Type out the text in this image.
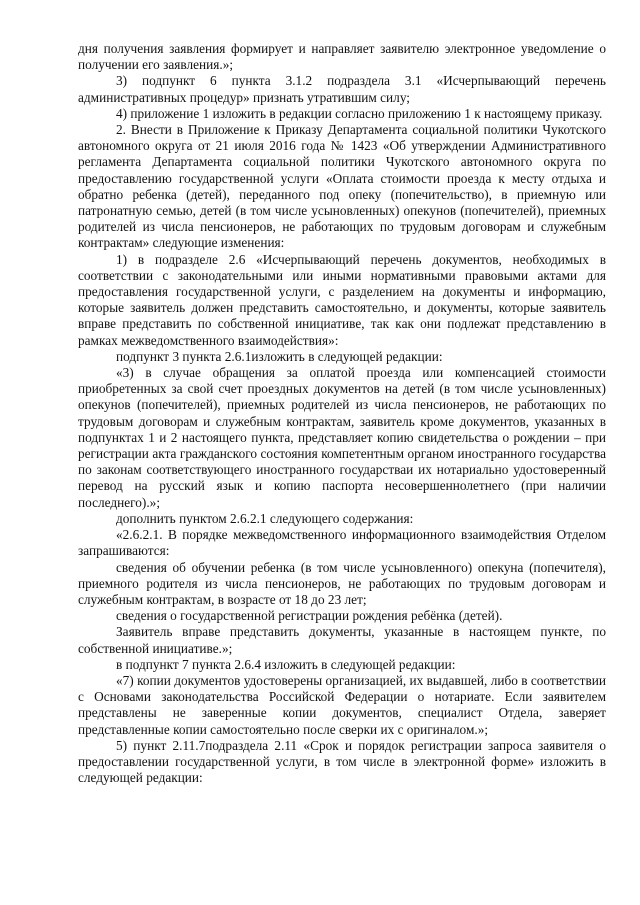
дня получения заявления формирует и направляет заявителю электронное уведомление о получении его заявления.»;

3) подпункт 6 пункта 3.1.2 подраздела 3.1 «Исчерпывающий перечень административных процедур» признать утратившим силу;

4) приложение 1 изложить в редакции согласно приложению 1 к настоящему приказу.

2. Внести в Приложение к Приказу Департамента социальной политики Чукотского автономного округа от 21 июля 2016 года № 1423 «Об утверждении Административного регламента Департамента социальной политики Чукотского автономного округа по предоставлению государственной услуги «Оплата стоимости проезда к месту отдыха и обратно ребенка (детей), переданного под опеку (попечительство), в приемную или патронатную семью, детей (в том числе усыновленных) опекунов (попечителей), приемных родителей из числа пенсионеров, не работающих по трудовым договорам и служебным контрактам» следующие изменения:

1) в подразделе 2.6 «Исчерпывающий перечень документов, необходимых в соответствии с законодательными или иными нормативными правовыми актами для предоставления государственной услуги, с разделением на документы и информацию, которые заявитель должен представить самостоятельно, и документы, которые заявитель вправе представить по собственной инициативе, так как они подлежат представлению в рамках межведомственного взаимодействия»:

подпункт 3 пункта 2.6.1изложить в следующей редакции:

«3) в случае обращения за оплатой проезда или компенсацией стоимости приобретенных за свой счет проездных документов на детей (в том числе усыновленных) опекунов (попечителей), приемных родителей из числа пенсионеров, не работающих по трудовым договорам и служебным контрактам, заявитель кроме документов, указанных в подпунктах 1 и 2 настоящего пункта, представляет копию свидетельства о рождении – при регистрации акта гражданского состояния компетентным органом иностранного государства по законам соответствующего иностранного государстваи их нотариально удостоверенный перевод на русский язык и копию паспорта несовершеннолетнего (при наличии последнего).»;

дополнить пунктом 2.6.2.1 следующего содержания:

«2.6.2.1. В порядке межведомственного информационного взаимодействия Отделом запрашиваются:

сведения об обучении ребенка (в том числе усыновленного) опекуна (попечителя), приемного родителя из числа пенсионеров, не работающих по трудовым договорам и служебным контрактам, в возрасте от 18 до 23 лет;

сведения о государственной регистрации рождения ребёнка (детей).

Заявитель вправе представить документы, указанные в настоящем пункте, по собственной инициативе.»;

в подпункт 7 пункта 2.6.4 изложить в следующей редакции:

«7) копии документов удостоверены организацией, их выдавшей, либо в соответствии с Основами законодательства Российской Федерации о нотариате. Если заявителем представлены не заверенные копии документов, специалист Отдела, заверяет представленные копии самостоятельно после сверки их с оригиналом.»;

5) пункт 2.11.7подраздела 2.11 «Срок и порядок регистрации запроса заявителя о предоставлении государственной услуги, в том числе в электронной форме» изложить в следующей редакции:
